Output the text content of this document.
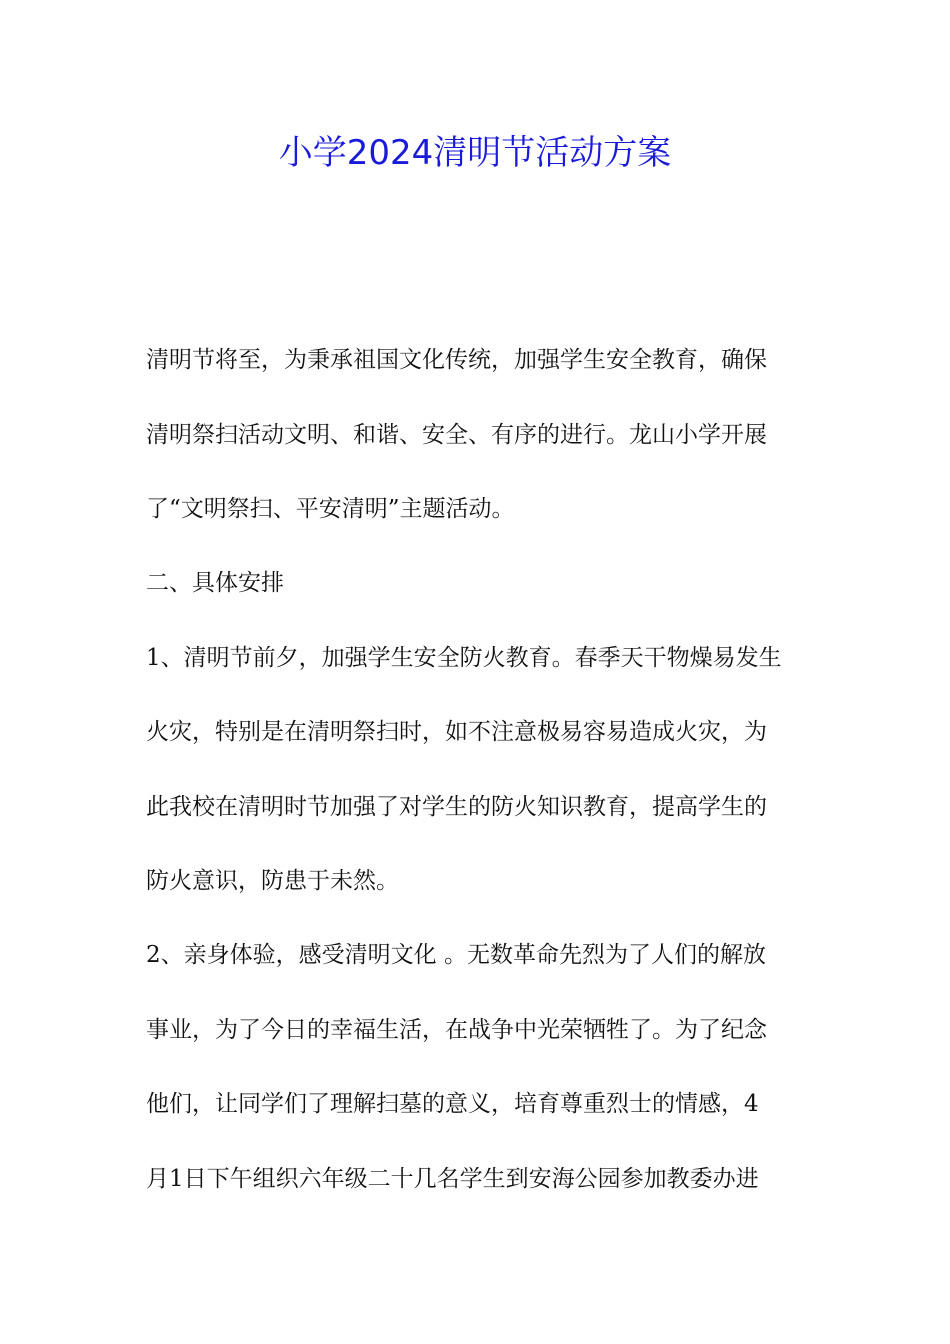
小学2024清明节活动方案

清明节将至，为秉承祖国文化传统，加强学生安全教育，确保

清明祭扫活动文明、和谐、安全、有序的进行。龙山小学开展

了“文明祭扫、平安清明”主题活动。

二、具体安排

1、清明节前夕，加强学生安全防火教育。春季天干物燥易发生

火灾，特别是在清明祭扫时，如不注意极易容易造成火灾，为

此我校在清明时节加强了对学生的防火知识教育，提高学生的

防火意识，防患于未然。

2、亲身体验，感受清明文化 。无数革命先烈为了人们的解放

事业，为了今日的幸福生活，在战争中光荣牺牲了。为了纪念

他们，让同学们了理解扫墓的意义，培育尊重烈士的情感，4

月1日下午组织六年级二十几名学生到安海公园参加教委办进
